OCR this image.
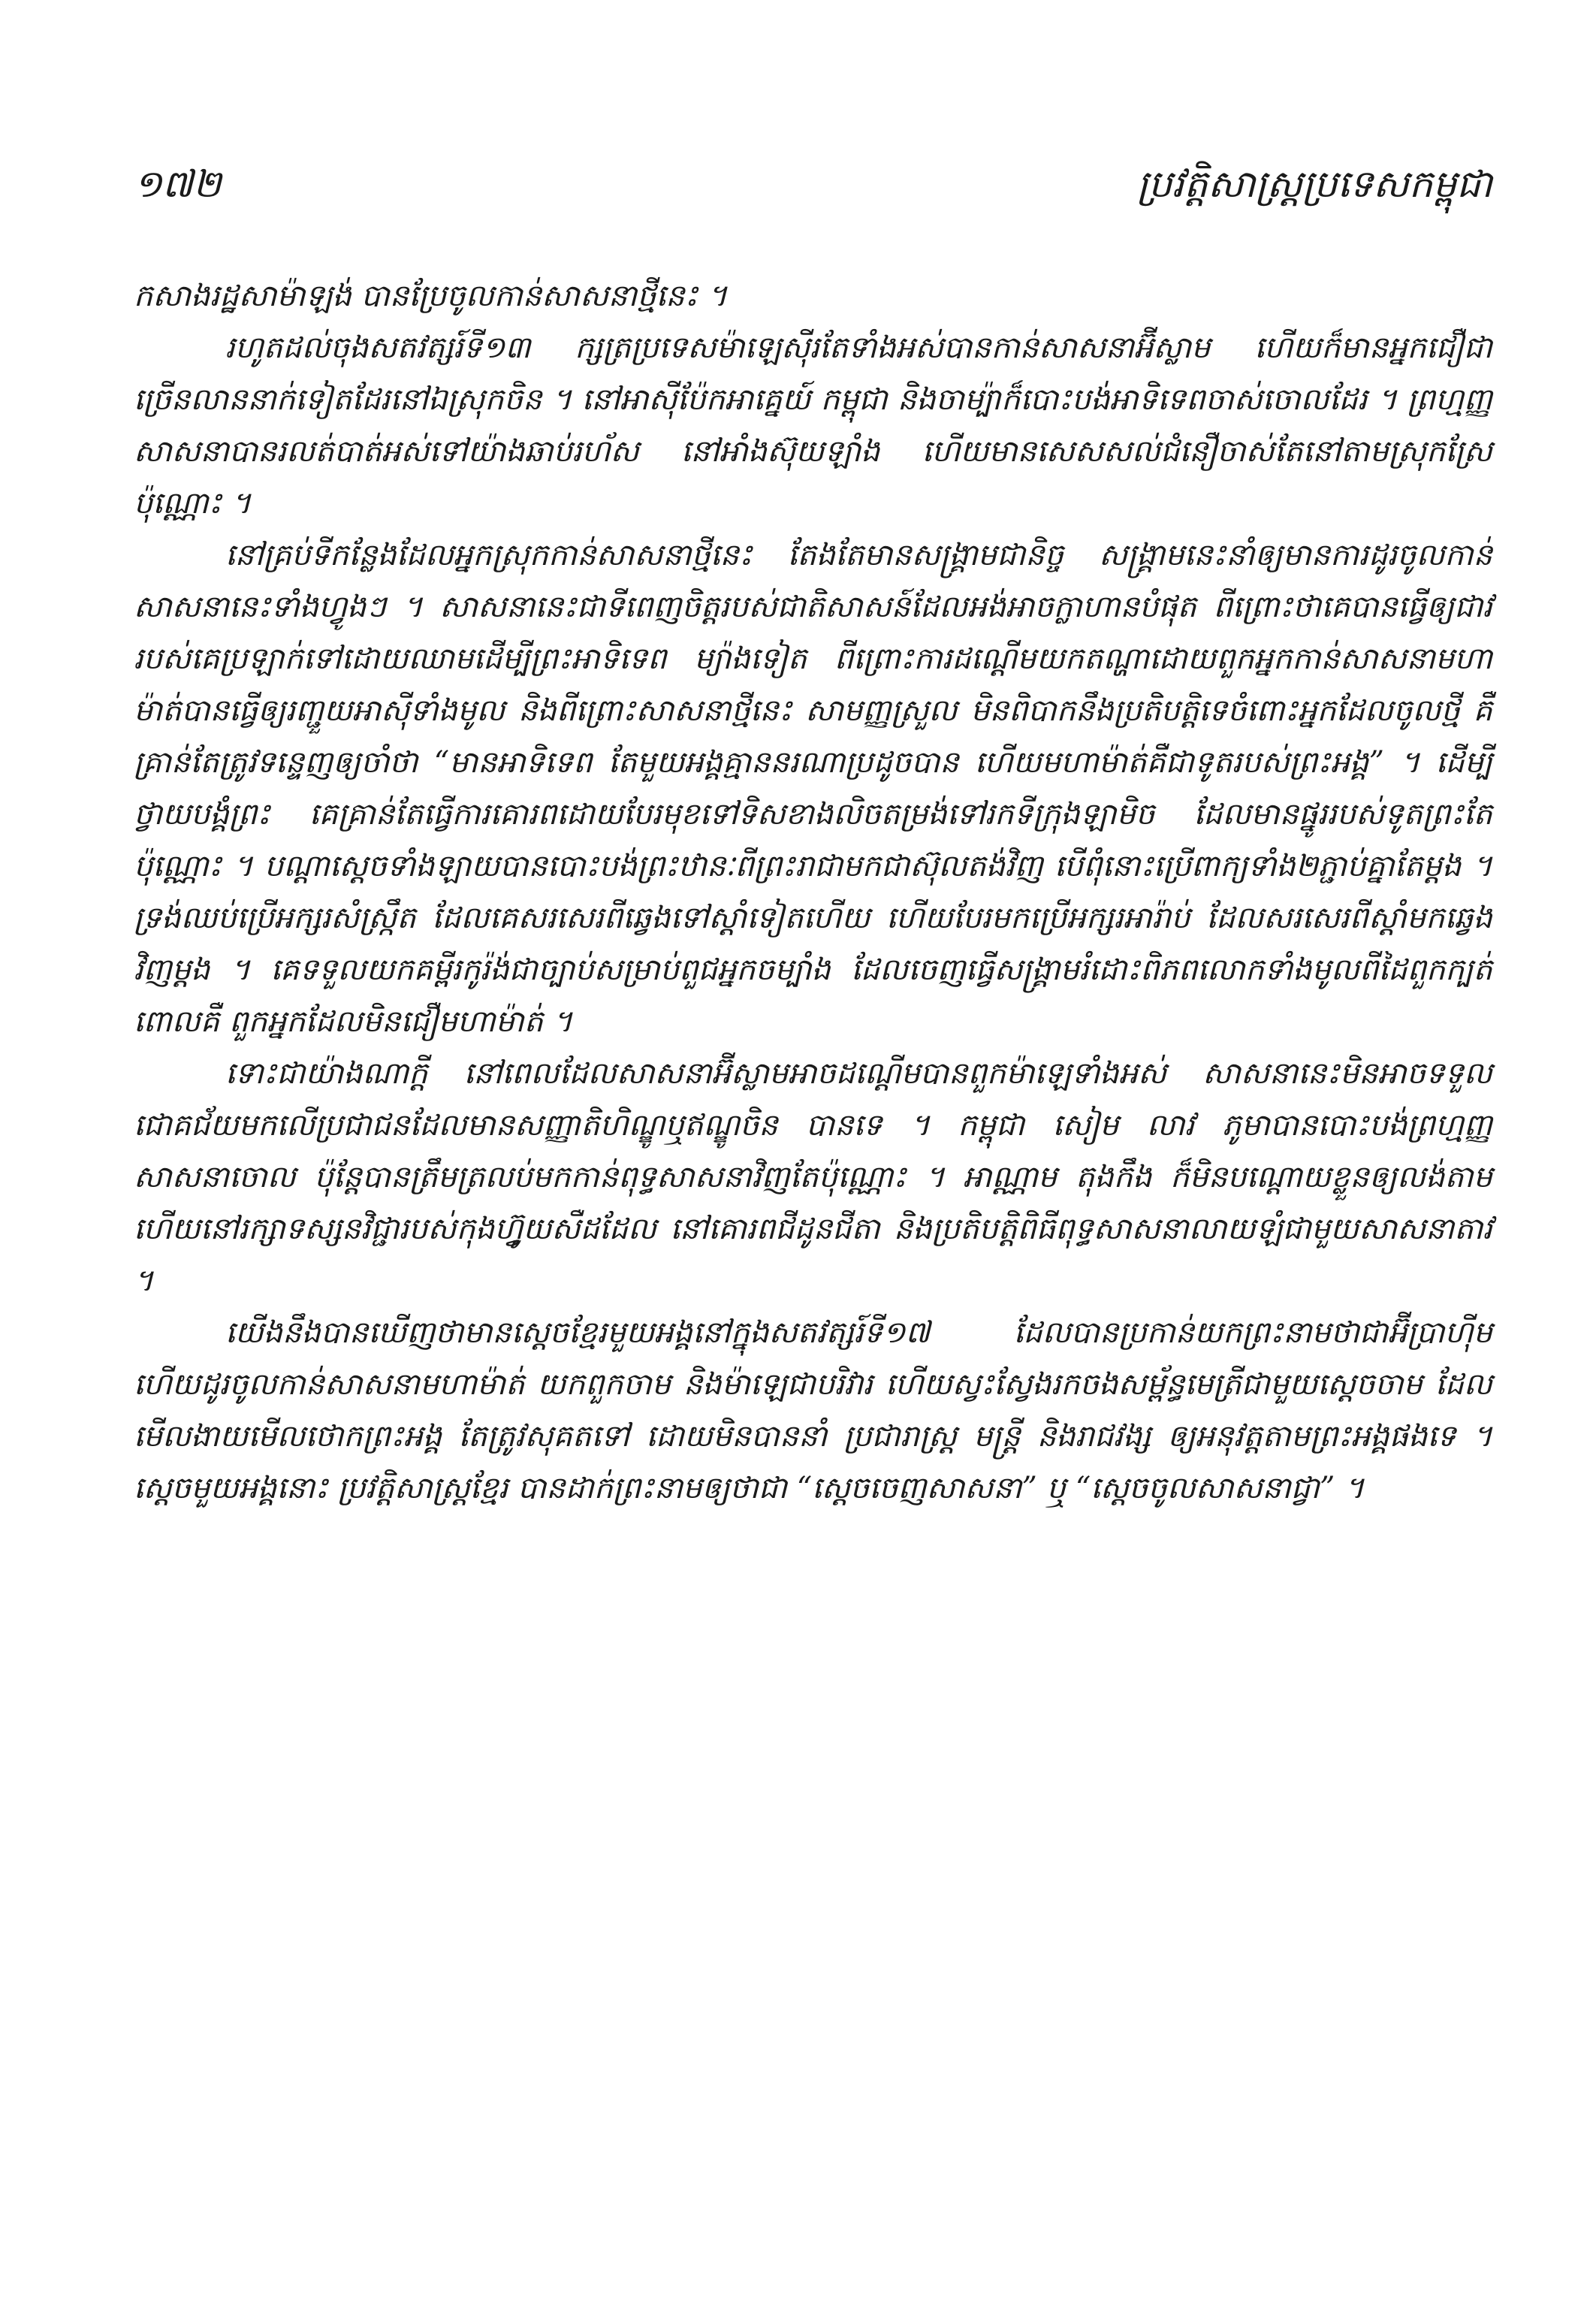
១៧២	ប្រវត្តិសាស្ត្រប្រទេសកម្ពុជា

កសាងរដ្ឋសាម៉ាឡង់ បានប្រែចូលកាន់សាសនាថ្មីនេះ ។

រហូតដល់ចុងសតវត្សរ៍ទី១៣ ក្សត្រប្រទេសម៉ាឡេស៊ីរតែទាំងអស់បានកាន់សាសនាអ៊ីស្លាម ហើយក៏មានអ្នកជឿជាច្រើនលាននាក់ទៀតដែរនៅឯស្រុកចិន ។ នៅអាស៊ីប៉ែកអាគ្នេយ៍ កម្ពុជា និងចាម្ប៉ាក៏បោះបង់អាទិទេពចាស់ចោលដែរ ។ ព្រហ្មញ្ញសាសនាបានរលត់បាត់អស់ទៅយ៉ាងឆាប់រហ័ស នៅអាំងស៊ុយឡាំង ហើយមានសេសសល់ជំនឿចាស់តែនៅតាមស្រុកស្រែប៉ុណ្ណោះ ។

នៅគ្រប់ទីកន្លែងដែលអ្នកស្រុកកាន់សាសនាថ្មីនេះ តែងតែមានសង្គ្រាមជានិច្ច សង្គ្រាមនេះនាំឲ្យមានការដូរចូលកាន់សាសនានេះទាំងហ្វូងៗ ។ សាសនានេះជាទីពេញចិត្តរបស់ជាតិសាសន៍ដែលអង់អាចក្លាហានបំផុត ពីព្រោះថាគេបានធ្វើឲ្យជាវរបស់គេប្រឡាក់ទៅដោយឈាមដើម្បីព្រះអាទិទេព ម្យ៉ាងទៀត ពីព្រោះការដណ្ដើមយកតណ្ហាដោយពួកអ្នកកាន់សាសនាមហាម៉ាត់បានធ្វើឲ្យរញ្ជួយអាស៊ីទាំងមូល និងពីព្រោះសាសនាថ្មីនេះ សាមញ្ញស្រួល មិនពិបាកនឹងប្រតិបត្តិទេចំពោះអ្នកដែលចូលថ្មី គឺគ្រាន់តែត្រូវទន្ទេញឲ្យចាំថា “មានអាទិទេព តែមួយអង្គគ្មាននរណាប្រដូចបាន ហើយមហាម៉ាត់គឺជាទូតរបស់ព្រះអង្គ” ។ ដើម្បីថ្វាយបង្គំព្រះ គេគ្រាន់តែធ្វើការគោរពដោយបែរមុខទៅទិសខាងលិចតម្រង់ទៅរកទីក្រុងឡាមិច ដែលមានផ្នូររបស់ទូតព្រះតែប៉ុណ្ណោះ ។ បណ្ដាស្ដេចទាំងឡាយបានបោះបង់ព្រះឋានៈពីព្រះរាជាមកជាស៊ុលតង់វិញ បើពុំនោះប្រើពាក្យទាំង២ភ្ជាប់គ្នាតែម្ដង ។ ទ្រង់ឈប់ប្រើអក្សរសំស្ក្រឹត ដែលគេសរសេរពីឆ្វេងទៅស្ដាំទៀតហើយ ហើយបែរមកប្រើអក្សរអារ៉ាប់ ដែលសរសេរពីស្ដាំមកឆ្វេងវិញម្ដង ។ គេទទួលយកគម្ពីរកូរ៉ង់ជាច្បាប់សម្រាប់ពួជអ្នកចម្បាំង ដែលចេញធ្វើសង្គ្រាមរំដោះពិភពលោកទាំងមូលពីដៃពួកក្បត់ ពោលគឺ ពួកអ្នកដែលមិនជឿមហាម៉ាត់ ។

ទោះជាយ៉ាងណាក្តី នៅពេលដែលសាសនាអ៊ីស្លាមអាចដណ្ដើមបានពួកម៉ាឡេទាំងអស់ សាសនានេះមិនអាចទទួលជោគជ័យមកលើប្រជាជនដែលមានសញ្ញាតិហិណ្ឌូឬឥណ្ឌូចិន បានទេ ។ កម្ពុជា សៀម លាវ ភូមាបានបោះបង់ព្រហ្មញ្ញសាសនាចោល ប៉ុន្តែបានត្រឹមត្រលប់មកកាន់ពុទ្ធសាសនាវិញតែប៉ុណ្ណោះ ។ អាណ្ណាម តុងកឹង ក៏មិនបណ្ដោយខ្លួនឲ្យលង់តាម ហើយនៅរក្សាទស្សនវិជ្ជារបស់កុងហ្វ៊ូយសឺដដែល នៅគោរពជីដូនជីតា និងប្រតិបត្តិពិធីពុទ្ធសាសនាលាយឡំជាមួយសាសនាតាវ ។

យើងនឹងបានឃើញថាមានស្ដេចខ្មែរមួយអង្គនៅក្នុងសតវត្សរ៍ទី១៧ ដែលបានប្រកាន់យកព្រះនាមថាជាអ៊ីប្រាហ៊ីម ហើយដូរចូលកាន់សាសនាមហាម៉ាត់ យកពួកចាម និងម៉ាឡេជាបរិវារ ហើយស្វះស្វែងរកចងសម្ព័ន្ធមេត្រីជាមួយស្ដេចចាម ដែលមើលងាយមើលថោកព្រះអង្គ តែត្រូវសុគតទៅ ដោយមិនបាននាំ ប្រជារាស្ត្រ មន្ត្រី និងរាជវង្ស ឲ្យអនុវត្តតាមព្រះអង្គផងទេ ។ ស្ដេចមួយអង្គនោះ ប្រវត្តិសាស្ត្រខ្មែរ បានដាក់ព្រះនាមឲ្យថាជា “ស្ដេចចេញសាសនា” ឬ “ស្ដេចចូលសាសនាជ្វា” ។
